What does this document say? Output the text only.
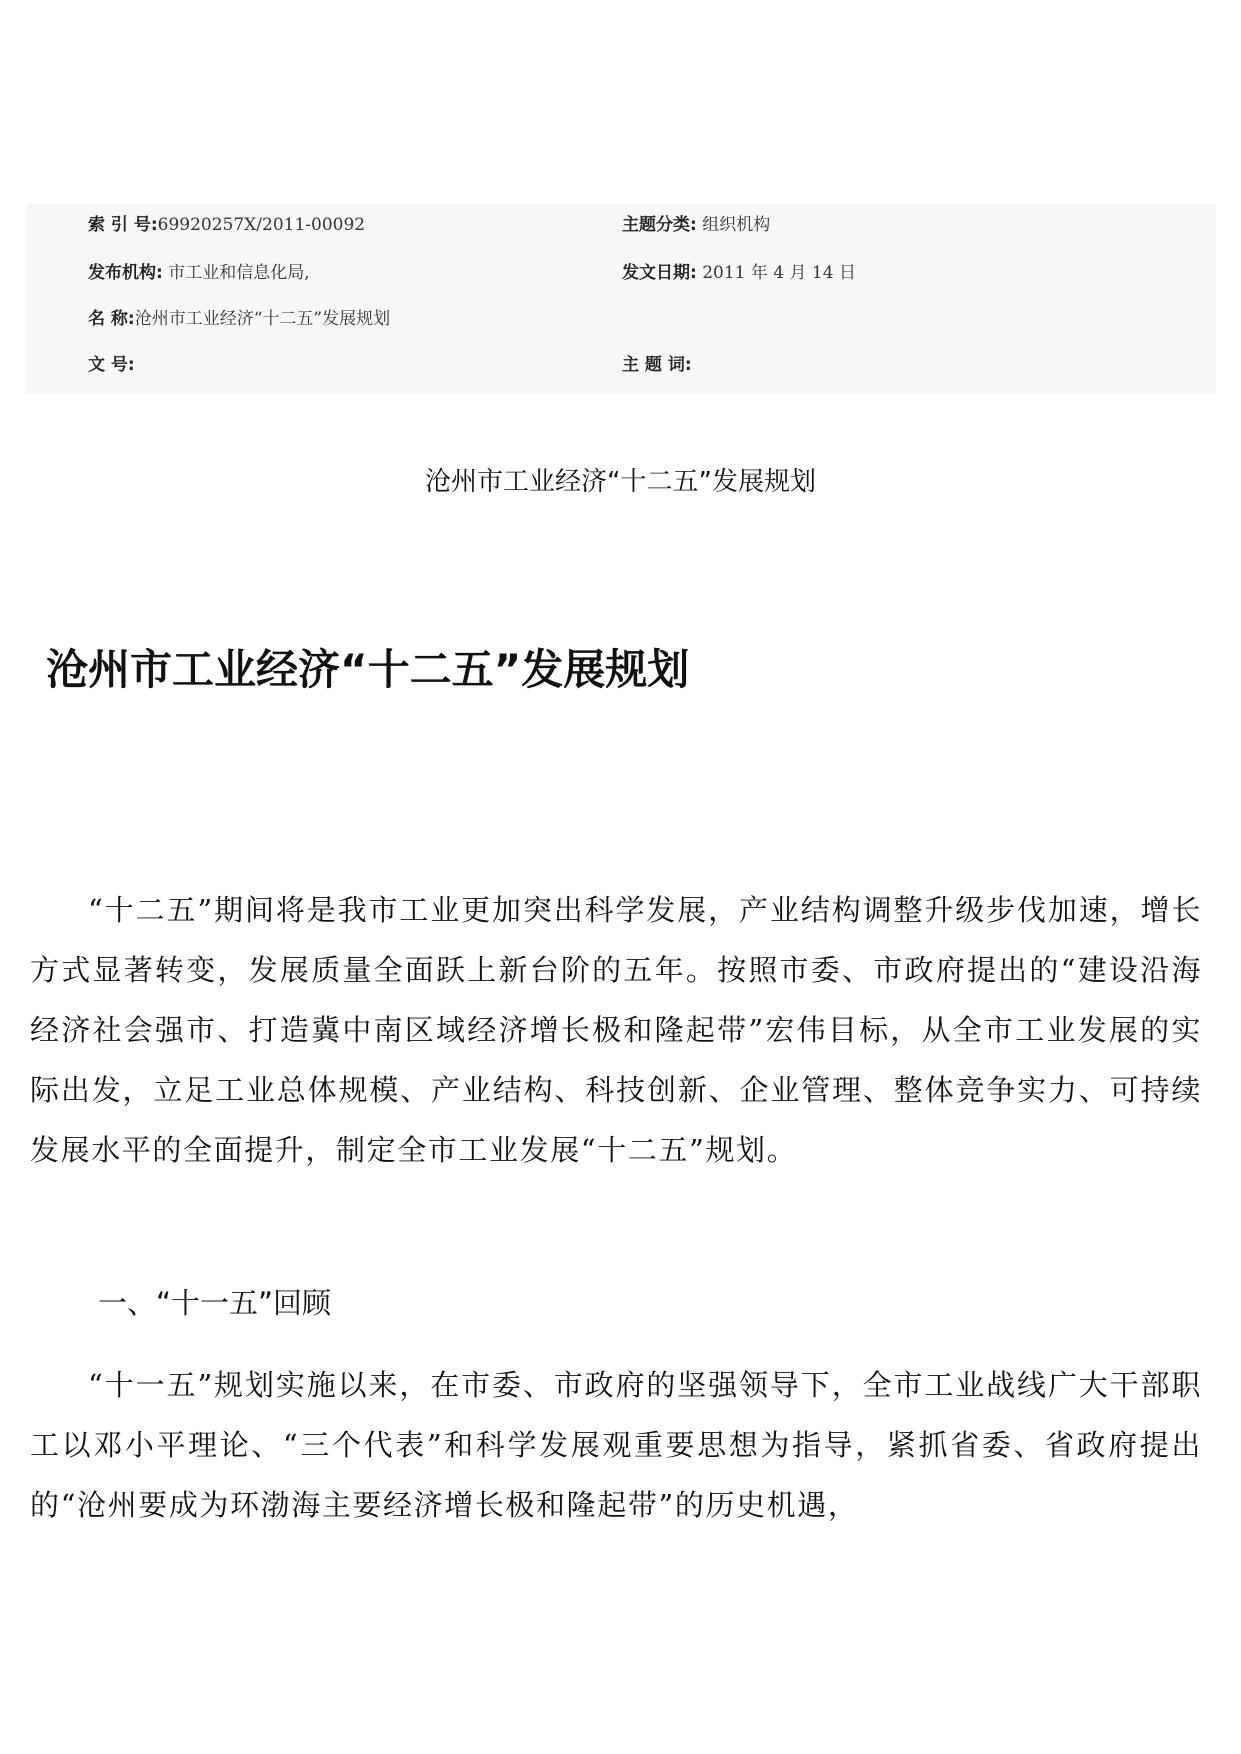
索 引 号:69920257X/2011-00092	主题分类: 组织机构
发布机构: 市工业和信息化局,	发文日期: 2011 年 4 月 14 日
名 称:沧州市工业经济“十二五”发展规划
文 号:	主 题 词:
沧州市工业经济“十二五”发展规划
沧州市工业经济“十二五”发展规划

“十二五”期间将是我市工业更加突出科学发展，产业结构调整升级步伐加速，增长方式显著转变，发展质量全面跃上新台阶的五年。按照市委、市政府提出的“建设沿海经济社会强市、打造冀中南区域经济增长极和隆起带”宏伟目标，从全市工业发展的实际出发，立足工业总体规模、产业结构、科技创新、企业管理、整体竞争实力、可持续发展水平的全面提升，制定全市工业发展“十二五”规划。

一、“十一五”回顾

“十一五”规划实施以来，在市委、市政府的坚强领导下，全市工业战线广大干部职工以邓小平理论、“三个代表”和科学发展观重要思想为指导，紧抓省委、省政府提出的“沧州要成为环渤海主要经济增长极和隆起带”的历史机遇，
